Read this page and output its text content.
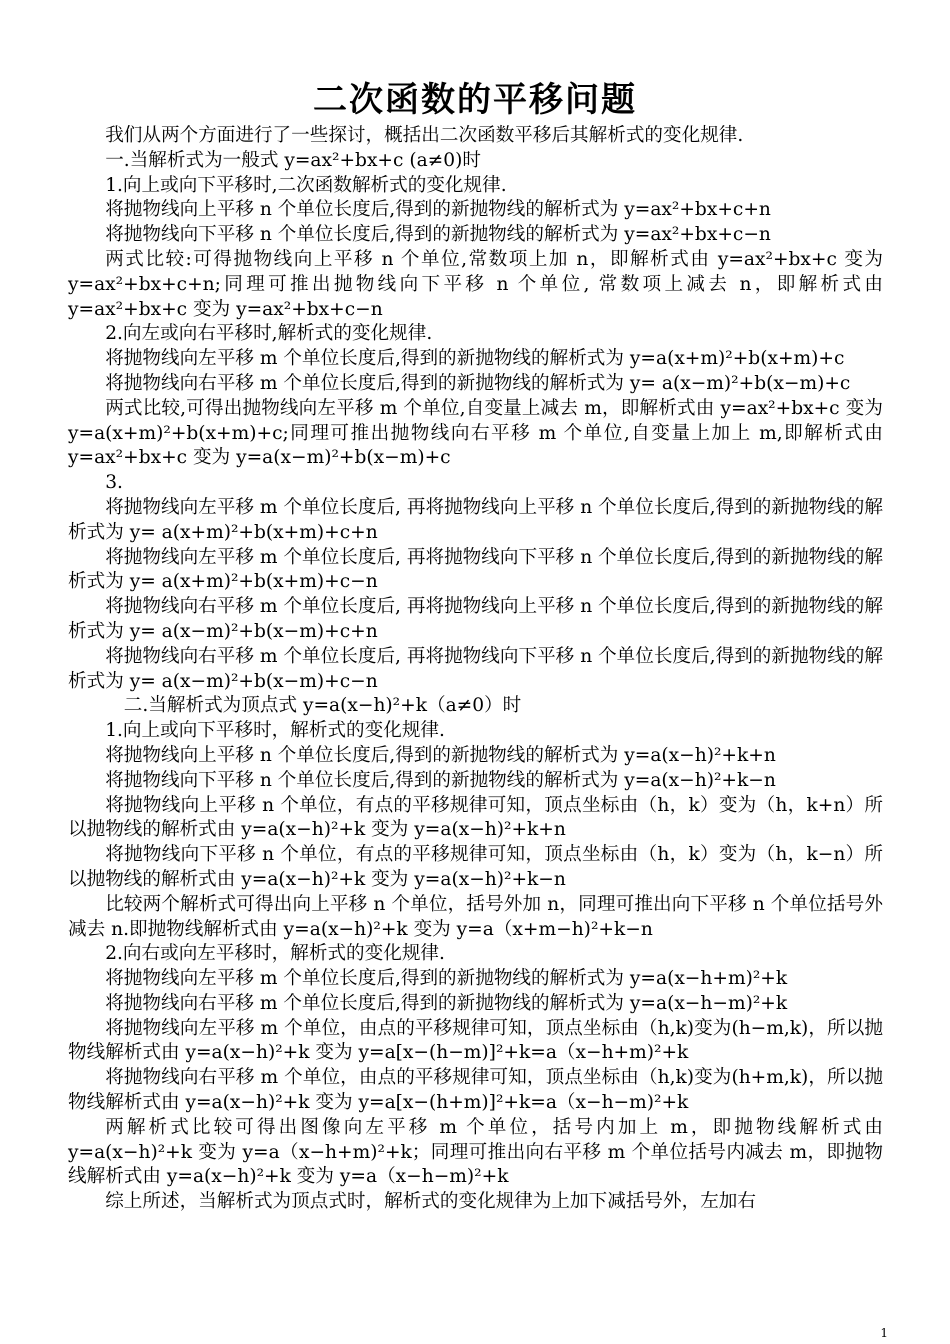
二次函数的平移问题

我们从两个方面进行了一些探讨，概括出二次函数平移后其解析式的变化规律.

一.当解析式为一般式 y=ax²+bx+c (a≠0)时

1.向上或向下平移时,二次函数解析式的变化规律.

将抛物线向上平移 n 个单位长度后,得到的新抛物线的解析式为 y=ax²+bx+c+n

将抛物线向下平移 n 个单位长度后,得到的新抛物线的解析式为 y=ax²+bx+c−n

两式比较:可得抛物线向上平移 n 个单位,常数项上加 n，即解析式由 y=ax²+bx+c 变为 y=ax²+bx+c+n;同理可推出抛物线向下平移 n 个单位, 常数项上减去 n，即解析式由 y=ax²+bx+c 变为 y=ax²+bx+c−n

2.向左或向右平移时,解析式的变化规律.

将抛物线向左平移 m 个单位长度后,得到的新抛物线的解析式为 y=a(x+m)²+b(x+m)+c

将抛物线向右平移 m 个单位长度后,得到的新抛物线的解析式为 y= a(x−m)²+b(x−m)+c

两式比较,可得出抛物线向左平移 m 个单位,自变量上减去 m，即解析式由 y=ax²+bx+c 变为 y=a(x+m)²+b(x+m)+c;同理可推出抛物线向右平移 m 个单位,自变量上加上 m,即解析式由 y=ax²+bx+c 变为 y=a(x−m)²+b(x−m)+c

3.

将抛物线向左平移 m 个单位长度后, 再将抛物线向上平移 n 个单位长度后,得到的新抛物线的解析式为 y= a(x+m)²+b(x+m)+c+n

将抛物线向左平移 m 个单位长度后, 再将抛物线向下平移 n 个单位长度后,得到的新抛物线的解析式为 y= a(x+m)²+b(x+m)+c−n

将抛物线向右平移 m 个单位长度后, 再将抛物线向上平移 n 个单位长度后,得到的新抛物线的解析式为 y= a(x−m)²+b(x−m)+c+n

将抛物线向右平移 m 个单位长度后, 再将抛物线向下平移 n 个单位长度后,得到的新抛物线的解析式为 y= a(x−m)²+b(x−m)+c−n

二.当解析式为顶点式 y=a(x−h)²+k（a≠0）时

1.向上或向下平移时，解析式的变化规律.

将抛物线向上平移 n 个单位长度后,得到的新抛物线的解析式为 y=a(x−h)²+k+n

将抛物线向下平移 n 个单位长度后,得到的新抛物线的解析式为 y=a(x−h)²+k−n

将抛物线向上平移 n 个单位，有点的平移规律可知，顶点坐标由（h，k）变为（h，k+n）所以抛物线的解析式由 y=a(x−h)²+k 变为 y=a(x−h)²+k+n

将抛物线向下平移 n 个单位，有点的平移规律可知，顶点坐标由（h，k）变为（h，k−n）所以抛物线的解析式由 y=a(x−h)²+k 变为 y=a(x−h)²+k−n

比较两个解析式可得出向上平移 n 个单位，括号外加 n，同理可推出向下平移 n 个单位括号外减去 n.即抛物线解析式由 y=a(x−h)²+k 变为 y=a（x+m−h)²+k−n

2.向右或向左平移时，解析式的变化规律.

将抛物线向左平移 m 个单位长度后,得到的新抛物线的解析式为 y=a(x−h+m)²+k

将抛物线向右平移 m 个单位长度后,得到的新抛物线的解析式为 y=a(x−h−m)²+k

将抛物线向左平移 m 个单位，由点的平移规律可知，顶点坐标由（h,k)变为(h−m,k)，所以抛物线解析式由 y=a(x−h)²+k 变为 y=a[x−(h−m)]²+k=a（x−h+m)²+k

将抛物线向右平移 m 个单位，由点的平移规律可知，顶点坐标由（h,k)变为(h+m,k)，所以抛物线解析式由 y=a(x−h)²+k 变为 y=a[x−(h+m)]²+k=a（x−h−m)²+k

两解析式比较可得出图像向左平移 m 个单位，括号内加上 m，即抛物线解析式由 y=a(x−h)²+k 变为 y=a（x−h+m)²+k；同理可推出向右平移 m 个单位括号内减去 m，即抛物线解析式由 y=a(x−h)²+k 变为 y=a（x−h−m)²+k

综上所述，当解析式为顶点式时，解析式的变化规律为上加下减括号外，左加右

1
